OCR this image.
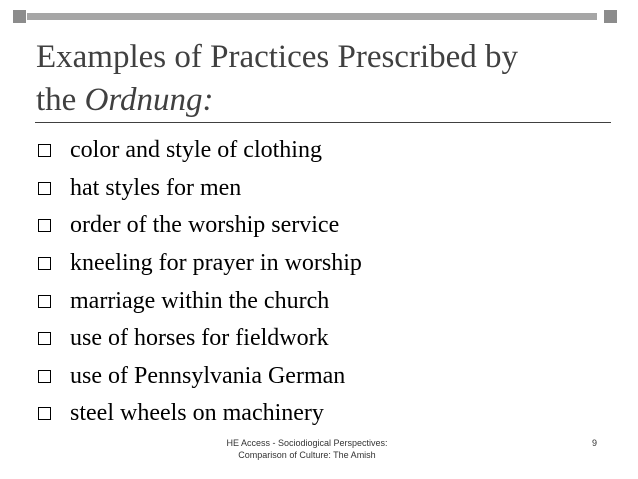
Examples of Practices Prescribed by
the Ordnung:
color and style of clothing
hat styles for men
order of the worship service
kneeling for prayer in worship
marriage within the church
use of horses for fieldwork
use of Pennsylvania German
steel wheels on machinery
HE Access - Sociodiogical Perspectives:
Comparison of Culture: The Amish
9
